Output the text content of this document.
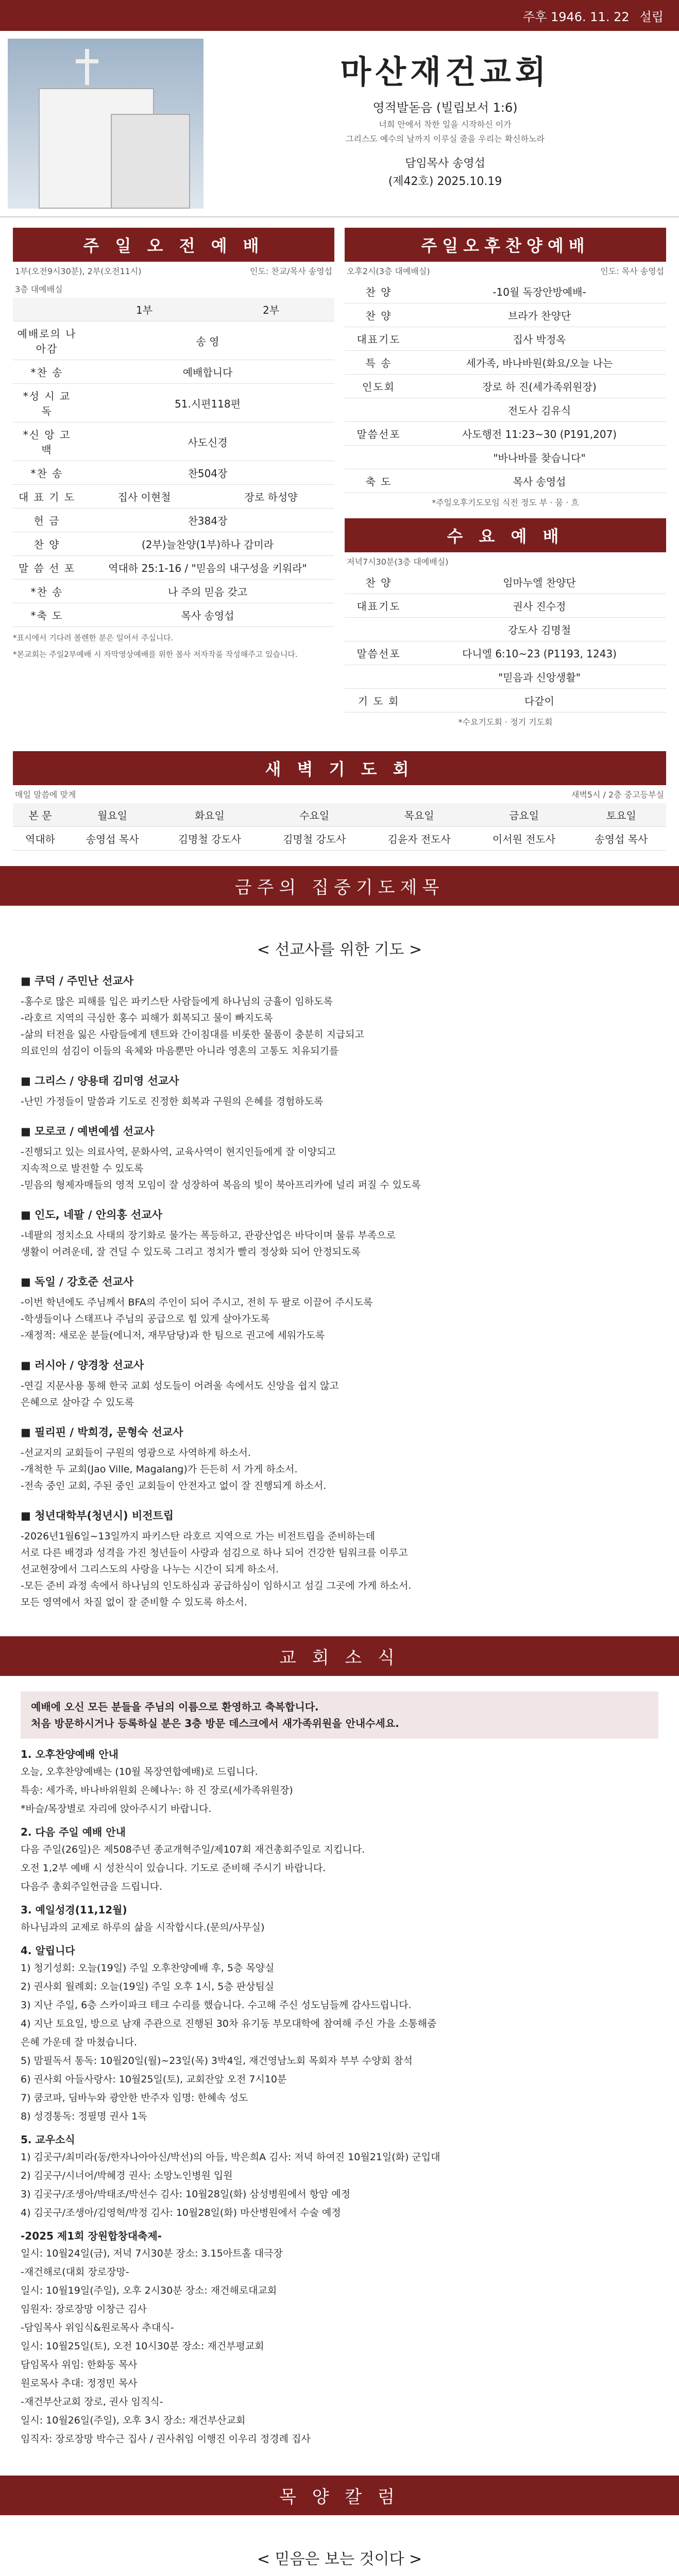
주후 1946. 11. 22 설립
마산재건교회
영적발돋음 (빌립보서 1:6)
너희 안에서 착한 일을 시작하신 이가
그리스도 예수의 날까지 이루실 줄을 우리는 확신하노라
담임목사 송영섭
(제42호) 2025.10.19
주 일 오 전 예 배
1부(오전9시30분), 2부(오전11시)	인도: 찬교/목사 송영섭
3층 대예배실
	1부	2부
예배로의 나아감	송 영	
*찬 송	예배합니다	
*성 시 교 독	51.시편118편	
*신 앙 고 백	사도신경	
*찬 송	찬504장	
대 표 기 도	집사 이현철	장로 하성양
헌 금	찬384장	
찬 양	(2부)늘찬양(1부)하나 감미라	
말 씀 선 포	역대하 25:1-16 / "믿음의 내구성을 키워라"	
*찬 송	나 주의 믿음 갖고	
*축 도	목사 송영섭	
*표시에서 기다려 볼렌한 분은 일어서 주십니다.
*본교회는 주일2부예배 시 자막영상예배를 위한 볼사 저자작품 작성해주고 있습니다.
주일오후찬양예배
오후2시(3층 대예배실)	인도: 목사 송영섭
찬 양	-10월 독장안방예배-
찬 양	브라가 찬양단
대표기도	집사 박정옥
특 송	세가족, 바나바원(화요/오늘 나는
인도회	장로 하 진(세가족위원장)
	전도사 김유식
말씀선포	사도행전 11:23~30 (P191,207)
	"바나바를 찾습니다"
축 도	목사 송영섭
*주일오후기도모임 식전 정도 부 · 뭄 · 흐
수 요 예 배
저녁7시30분(3층 대예배실)
찬 양	임마누엘 찬양단
대표기도	권사 진수정
	강도사 김명철
말씀선포	다니엘 6:10~23 (P1193, 1243)
	"믿음과 신앙생활"
기 도 회	다같이
*수요기도회 · 정기 기도회
새 벽 기 도 회
매일 말씀에 맞게	새벽5시 / 2층 중고등부실
본 문	월요일	화요일	수요일	목요일	금요일	토요일
역대하	송영섭 목사	김명철 강도사	김명철 강도사	김윤자 전도사	이서원 전도사	송영섭 목사
금주의 집중기도제목
< 선교사를 위한 기도 >
■ 쿠덕 / 주민난 선교사

-홍수로 많은 피해를 입은 파키스탄 사람들에게 하나님의 긍휼이 임하도록

-라호르 지역의 극심한 홍수 피해가 회복되고 물이 빠지도록

-삶의 터전을 잃은 사람들에게 텐트와 간이침대를 비롯한 물품이 충분히 지급되고

의료인의 섬김이 이들의 육체와 마음뿐만 아니라 영혼의 고통도 치유되기를

■ 그리스 / 양용태 김미영 선교사

-난민 가정들이 말씀과 기도로 진정한 회복과 구원의 은혜를 경험하도록

■ 모로코 / 예변예셉 선교사

-진행되고 있는 의료사역, 문화사역, 교육사역이 현지인들에게 잘 이양되고

지속적으로 발전할 수 있도록

-믿음의 형제자매들의 영적 모임이 잘 성장하여 복음의 빛이 북아프리카에 널리 퍼질 수 있도록

■ 인도, 네팔 / 안의홍 선교사

-네팔의 정치소요 사태의 장기화로 물가는 폭등하고, 관광산업은 바닥이며 물류 부족으로

생활이 어려운데, 잘 견딜 수 있도록 그리고 정치가 빨리 정상화 되어 안정되도록

■ 독일 / 강호준 선교사

-이번 학년에도 주님께서 BFA의 주인이 되어 주시고, 전히 두 팔로 이끌어 주시도록

-학생들이나 스태프나 주님의 공급으로 힘 있게 살아가도록

-재정적: 새로운 분들(에니저, 재무담당)과 한 팀으로 권고에 세워가도록

■ 러시아 / 양경창 선교사

-연길 지문사용 통해 한국 교회 성도들이 어려울 속에서도 신앙을 쉽지 않고

은혜으로 살아갈 수 있도록

■ 필리핀 / 박희경, 문형숙 선교사

-선교지의 교회들이 구원의 영광으로 사역하게 하소서.

-개척한 두 교회(Jao Ville, Magalang)가 든든히 서 가게 하소서.

-전속 중인 교회, 주된 중인 교회들이 안전자고 없이 잘 진행되게 하소서.

■ 청년대학부(청년시) 비전트립

-2026년1월6일~13일까지 파키스탄 라호르 지역으로 가는 비전트립을 준비하는데

서로 다른 배경과 성격을 가진 청년들이 사랑과 섬김으로 하나 되어 건강한 팀워크를 이루고

선교현장에서 그리스도의 사랑을 나누는 시간이 되게 하소서.

-모든 준비 과정 속에서 하나님의 인도하심과 공급하심이 임하시고 섬길 그곳에 가게 하소서.

모든 영역에서 차질 없이 잘 준비할 수 있도록 하소서.

교 회 소 식
예배에 오신 모든 분들을 주님의 이름으로 환영하고 축복합니다.
처음 방문하시거나 등록하실 분은 3층 방문 데스크에서 새가족위원을 안내수세요.
1. 오후찬양예배 안내

오늘, 오후찬양예배는 (10월 목장연합예배)로 드립니다.

특송: 세가족, 바나바위원회 은혜나누: 하 진 장로(세가족위원장)

*바슬/목장별로 자리에 앉아주시기 바랍니다.

2. 다음 주일 예배 안내

다음 주일(26일)은 제508주년 종교개혁주일/제107회 재건총회주일로 지킵니다.

오전 1,2부 예배 시 성찬식이 있습니다. 기도로 준비해 주시기 바랍니다.

다음주 총회주일헌금을 드립니다.

3. 예일성경(11,12월)

하나님과의 교제로 하루의 삶을 시작합시다.(문의/사무실)

4. 알립니다

1) 청기성회: 오늘(19일) 주일 오후찬양예배 후, 5층 목양실

2) 권사회 월례회: 오늘(19일) 주일 오후 1시, 5층 판상팀실

3) 지난 주일, 6층 스카이파크 테크 수리를 했습니다. 수고해 주신 성도님들께 감사드립니다.

4) 지난 토요일, 방으로 남재 주관으로 진행된 30차 유기동 부모대학에 참여해 주신 가을 소통해줌

은혜 가운데 잘 마쳤습니다.

5) 맘필독서 통독: 10월20일(월)~23일(목) 3박4일, 재건영남노회 목회자 부부 수양회 참석

6) 권사회 아들사랑사: 10월25일(토), 교회잔앞 오전 7시10분

7) 쿰코파, 딤바누와 광안한 반주자 임명: 한혜속 성도

8) 성경통독: 정필명 권사 1독

5. 교우소식

1) 김곳구/최미라(동/한자나아아신/박선)의 아들, 박은희A 김사: 저녁 하여진 10월21일(화) 군입대

2) 김곳구/시너어/박혜경 권사: 소망노인병원 입원

3) 김곳구/조생아/박태조/박선수 김사: 10월28일(화) 삼성병원에서 항암 예정

4) 김곳구/조생아/김영혁/박정 김사: 10월28일(화) 마산병원에서 수술 예정

-2025 제1회 장원합창대축제-

일시: 10월24일(금), 저녁 7시30분 장소: 3.15아트홀 대극장

-재건해로(대회 장로장망-

일시: 10월19일(주일), 오후 2시30분 장소: 재건해로대교회

임원자: 장로장망 이창근 김사

-담임목사 위임식&원로목사 추대식-

일시: 10월25일(토), 오전 10시30분 장소: 재건부평교회

담임목사 위임: 한화동 목사

원로목사 추대: 정정민 목사

-재건부산교회 장로, 권사 임직식-

일시: 10월26일(주일), 오후 3시 장소: 재건부산교회

임직자: 장로장망 박수근 집사 / 권사취임 이행진 이우리 정경례 집사

목 양 칼 럼
< 믿음은 보는 것이다 >
